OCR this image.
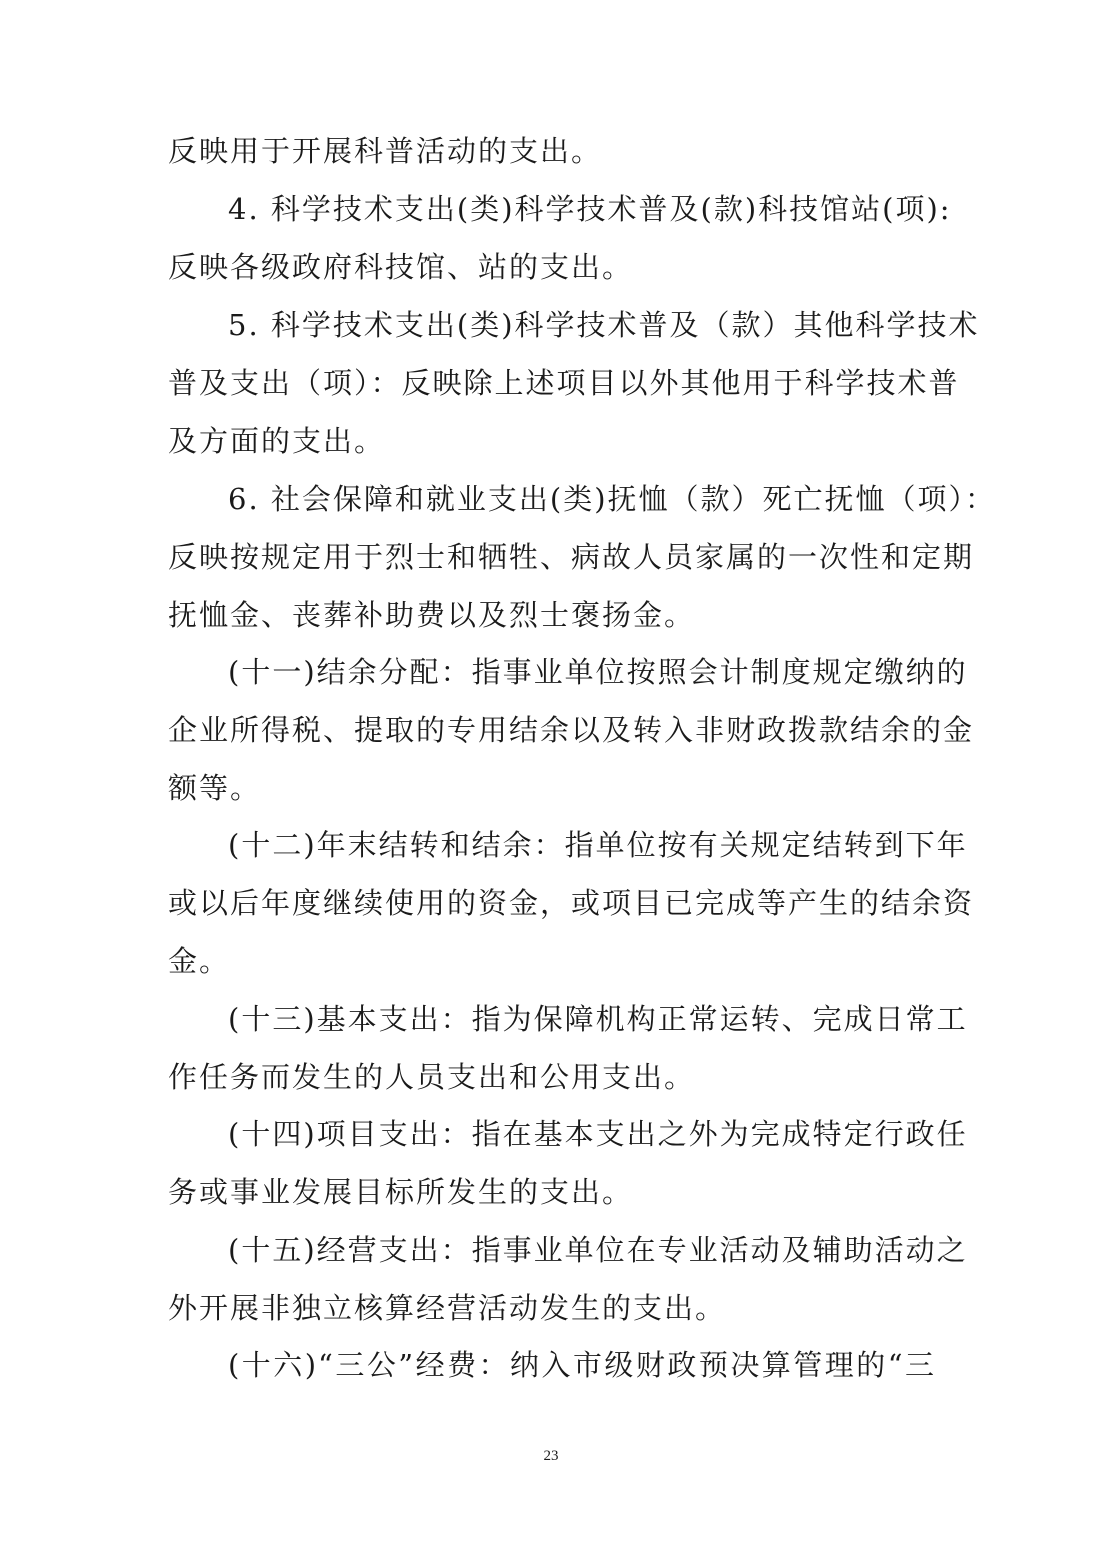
反映用于开展科普活动的支出。
4. 科学技术支出(类)科学技术普及(款)科技馆站(项):
反映各级政府科技馆、站的支出。
5. 科学技术支出(类)科学技术普及（款）其他科学技术
普及支出（项）：反映除上述项目以外其他用于科学技术普
及方面的支出。
6. 社会保障和就业支出(类)抚恤（款）死亡抚恤（项）：
反映按规定用于烈士和牺牲、病故人员家属的一次性和定期
抚恤金、丧葬补助费以及烈士褒扬金。
(十一)结余分配：指事业单位按照会计制度规定缴纳的
企业所得税、提取的专用结余以及转入非财政拨款结余的金
额等。
(十二)年末结转和结余：指单位按有关规定结转到下年
或以后年度继续使用的资金，或项目已完成等产生的结余资
金。
(十三)基本支出：指为保障机构正常运转、完成日常工
作任务而发生的人员支出和公用支出。
(十四)项目支出：指在基本支出之外为完成特定行政任
务或事业发展目标所发生的支出。
(十五)经营支出：指事业单位在专业活动及辅助活动之
外开展非独立核算经营活动发生的支出。
(十六)“三公”经费：纳入市级财政预决算管理的“三
23
